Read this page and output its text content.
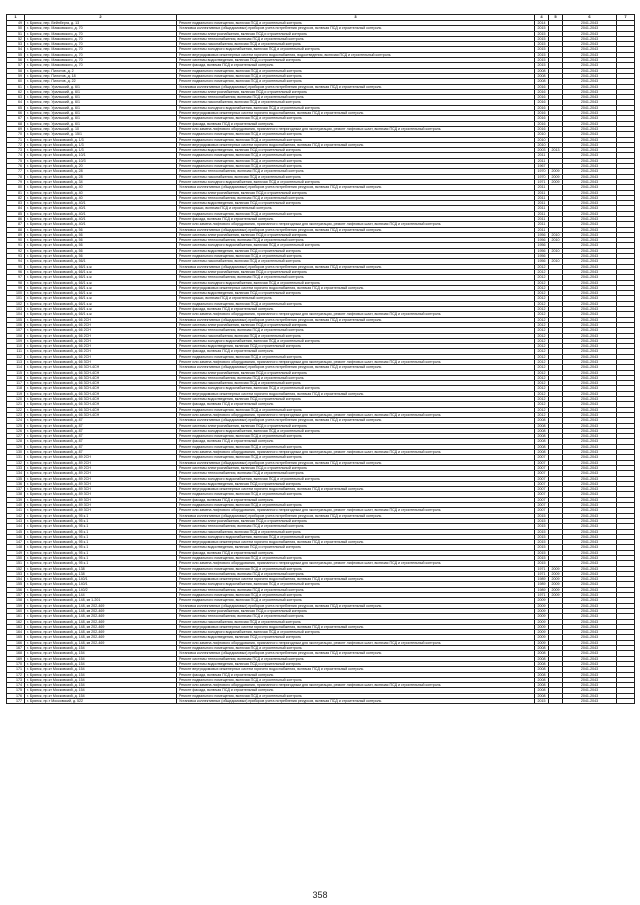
1	2	3	4	5	6	7
49	г. Брянск, пер. Вейнберга, д. 13	Ремонт подвального помещения, включая ПСД и строительный контроль	2014		2041-2043	
50	г. Брянск, пер. Маяковского, д. 70	Установка коллективных (общедомовых) приборов учета потребления ресурсов, включая ПСД и строительный контроль	2015		2041-2043	
51	г. Брянск, пер. Маяковского, д. 70	Ремонт системы электроснабжения, включая ПСД и строительный контроль	2015		2041-2043	
52	г. Брянск, пер. Маяковского, д. 70	Ремонт системы теплоснабжения, включая ПСД и строительный контроль	2015		2041-2043	
53	г. Брянск, пер. Маяковского, д. 70	Ремонт системы газоснабжения, включая ПСД и строительный контроль	2015		2041-2043	
54	г. Брянск, пер. Маяковского, д. 70	Ремонт системы холодного водоснабжения, включая ПСД и строительный контроль	2015		2041-2043	
55	г. Брянск, пер. Маяковского, д. 70	Ремонт внутридомовых инженерных систем горячего водоснабжения, водоотведения, включая ПСД и строительный контроль	2015		2041-2043	
56	г. Брянск, пер. Маяковского, д. 70	Ремонт системы водоотведения, включая ПСД и строительный контроль	2015		2041-2043	
57	г. Брянск, пер. Маяковского, д. 70	Ремонт фасада, включая ПСД и строительный контроль	2015		2041-2043	
58	г. Брянск, пер. Пилотов, д. 2	Ремонт подвального помещения, включая ПСД и строительный контроль	2008		2041-2043	
59	г. Брянск, пер. Пилотов, д. 18	Ремонт подвального помещения, включая ПСД и строительный контроль	2008		2041-2043	
60	г. Брянск, пер. Пилотов, д. 22	Ремонт подвального помещения, включая ПСД и строительный контроль	2008		2041-2043	
61	г. Брянск, пер. Уральский, д. 6/1	Установка коллективных (общедомовых) приборов учета потребления ресурсов, включая ПСД и строительный контроль	2016		2041-2043	
62	г. Брянск, пер. Уральский, д. 6/1	Ремонт системы электроснабжения, включая ПСД и строительный контроль	2016		2041-2043	
63	г. Брянск, пер. Уральский, д. 6/1	Ремонт системы теплоснабжения, включая ПСД и строительный контроль	2016		2041-2043	
64	г. Брянск, пер. Уральский, д. 6/1	Ремонт системы газоснабжения, включая ПСД и строительный контроль	2016		2041-2043	
65	г. Брянск, пер. Уральский, д. 6/1	Ремонт системы холодного водоснабжения, включая ПСД и строительный контроль	2016		2041-2043	
66	г. Брянск, пер. Уральский, д. 6/1	Ремонт внутридомовых инженерных систем горячего водоснабжения, включая ПСД и строительный контроль	2016		2041-2043	
67	г. Брянск, пер. Уральский, д. 6/1	Ремонт подвального помещения, включая ПСД и строительный контроль	2016		2041-2043	
68	г. Брянск, пер. Уральский, д. 6/1	Ремонт фасада, включая ПСД и строительный контроль	2016		2041-2043	
69	г. Брянск, пер. Уральский, д. 10	Ремонт или замена лифтового оборудования, признанного непригодным для эксплуатации, ремонт лифтовых шахт, включая ПСД и строительный контроль	2016		2041-2043	
70	г. Брянск, пер. Уральский, д. 15/1	Ремонт подвального помещения, включая ПСД и строительный контроль	2010		2041-2043	
71	г. Брянск, пр-кт Московский, д. 1/3	Ремонт подвального помещения, включая ПСД и строительный контроль	2010		2041-2043	
72	г. Брянск, пр-кт Московский, д. 1/3	Ремонт внутридомовых инженерных систем горячего водоснабжения, включая ПСД и строительный контроль	2010		2041-2043	
73	г. Брянск, пр-кт Московский, д. 1/3	Ремонт системы водоотведения, включая ПСД и строительный контроль	2003	2013	2041-2043	
74	г. Брянск, пр-кт Московский, д. 10/1	Ремонт подвального помещения, включая ПСД и строительный контроль	2011		2041-2043	
75	г. Брянск, пр-кт Московский, д. 10/3	Ремонт подвального помещения, включая ПСД и строительный контроль	2011		2041-2043	
76	г. Брянск, пр-кт Московский, д. 20	Ремонт подвального помещения, включая ПСД и строительный контроль	1967		2041-2043	
77	г. Брянск, пр-кт Московский, д. 28	Ремонт системы теплоснабжения, включая ПСД и строительный контроль	1970	2009	2041-2043	
78	г. Брянск, пр-кт Московский, д. 28	Ремонт системы газоснабжения, включая ПСД и строительный контроль	1970	2009	2041-2043	
79	г. Брянск, пр-кт Московский, д. 34	Ремонт системы холодного водоснабжения, включая ПСД и строительный контроль	1971	2009	2041-2043	
80	г. Брянск, пр-кт Московский, д. 40	Установка коллективных (общедомовых) приборов учета потребления ресурсов, включая ПСД и строительный контроль	2011		2041-2043	
81	г. Брянск, пр-кт Московский, д. 40	Ремонт системы электроснабжения, включая ПСД и строительный контроль	2011		2041-2043	
82	г. Брянск, пр-кт Московский, д. 40	Ремонт системы теплоснабжения, включая ПСД и строительный контроль	2011		2041-2043	
83	г. Брянск, пр-кт Московский, д. 40/1	Ремонт системы водоотведения, включая ПСД и строительный контроль	2011		2041-2043	
84	г. Брянск, пр-кт Московский, д. 40/1	Ремонт крыши, включая ПСД и строительный контроль	2011		2041-2043	
85	г. Брянск, пр-кт Московский, д. 40/1	Ремонт подвального помещения, включая ПСД и строительный контроль	2011		2041-2043	
86	г. Брянск, пр-кт Московский, д. 40/1	Ремонт фасада, включая ПСД и строительный контроль	2011		2041-2043	
87	г. Брянск, пр-кт Московский, д. 40/1	Ремонт или замена лифтового оборудования, признанного непригодным для эксплуатации, ремонт лифтовых шахт, включая ПСД и строительный контроль	2011		2041-2043	
88	г. Брянск, пр-кт Московский, д. 56	Установка коллективных (общедомовых) приборов учета потребления ресурсов, включая ПСД и строительный контроль	2011		2041-2043	
89	г. Брянск, пр-кт Московский, д. 56	Ремонт системы электроснабжения, включая ПСД и строительный контроль	1956	2010	2041-2043	
90	г. Брянск, пр-кт Московский, д. 56	Ремонт системы теплоснабжения, включая ПСД и строительный контроль	1956	2010	2041-2043	
91	г. Брянск, пр-кт Московский, д. 56	Ремонт системы холодного водоснабжения, включая ПСД и строительный контроль	1956		2041-2043	
92	г. Брянск, пр-кт Московский, д. 56	Ремонт системы водоотведения, включая ПСД и строительный контроль	1956	2010	2041-2043	
93	г. Брянск, пр-кт Московский, д. 56	Ремонт подвального помещения, включая ПСД и строительный контроль	1956		2041-2043	
94	г. Брянск, пр-кт Московский, д. 56/1	Ремонт системы газоснабжения, включая ПСД и строительный контроль	1956	2010	2041-2043	
95	г. Брянск, пр-кт Московский, д. 66/1 к.ж	Установка коллективных (общедомовых) приборов учета потребления ресурсов, включая ПСД и строительный контроль	2012		2041-2043	
96	г. Брянск, пр-кт Московский, д. 66/1 к.ж	Ремонт системы электроснабжения, включая ПСД и строительный контроль	2012		2041-2043	
97	г. Брянск, пр-кт Московский, д. 66/1 к.ж	Ремонт системы теплоснабжения, включая ПСД и строительный контроль	2012		2041-2043	
98	г. Брянск, пр-кт Московский, д. 66/1 к.ж	Ремонт системы холодного водоснабжения, включая ПСД и строительный контроль	2012		2041-2043	
99	г. Брянск, пр-кт Московский, д. 66/1 к.ж	Ремонт внутридомовых инженерных систем горячего водоснабжения, включая ПСД и строительный контроль	2012		2041-2043	
100	г. Брянск, пр-кт Московский, д. 66/1 к.ж	Ремонт системы водоотведения, включая ПСД и строительный контроль	2012		2041-2043	
101	г. Брянск, пр-кт Московский, д. 66/1 к.ж	Ремонт крыши, включая ПСД и строительный контроль	2012		2041-2043	
102	г. Брянск, пр-кт Московский, д. 66/1 к.ж	Ремонт подвального помещения, включая ПСД и строительный контроль	2012		2041-2043	
103	г. Брянск, пр-кт Московский, д. 66/1 к.ж	Ремонт фасада, включая ПСД и строительный контроль	2012		2041-2043	
104	г. Брянск, пр-кт Московский, д. 66/1 к.ж	Ремонт или замена лифтового оборудования, признанного непригодным для эксплуатации, ремонт лифтовых шахт, включая ПСД и строительный контроль	2012		2041-2043	
105	г. Брянск, пр-кт Московский, д. 66 2СН	Установка коллективных (общедомовых) приборов учета потребления ресурсов, включая ПСД и строительный контроль	2012		2041-2043	
106	г. Брянск, пр-кт Московский, д. 66 2СН	Ремонт системы электроснабжения, включая ПСД и строительный контроль	2012		2041-2043	
107	г. Брянск, пр-кт Московский, д. 66 2СН	Ремонт системы теплоснабжения, включая ПСД и строительный контроль	2012		2041-2043	
108	г. Брянск, пр-кт Московский, д. 66 2СН	Ремонт системы газоснабжения, включая ПСД и строительный контроль	2012		2041-2043	
109	г. Брянск, пр-кт Московский, д. 66 2СН	Ремонт системы холодного водоснабжения, включая ПСД и строительный контроль	2012		2041-2043	
110	г. Брянск, пр-кт Московский, д. 66 2СН	Ремонт системы водоотведения, включая ПСД и строительный контроль	2012		2041-2043	
111	г. Брянск, пр-кт Московский, д. 66 2СН	Ремонт фасада, включая ПСД и строительный контроль	2012		2041-2043	
112	г. Брянск, пр-кт Московский, д. 66 2СН	Ремонт подвального помещения, включая ПСД и строительный контроль	2012		2041-2043	
113	г. Брянск, пр-кт Московский, д. 66 3СН	Ремонт или замена лифтового оборудования, признанного непригодным для эксплуатации, ремонт лифтовых шахт, включая ПСД и строительный контроль	2012		2041-2043	
114	г. Брянск, пр-кт Московский, д. 66 3СН-4СН	Установка коллективных (общедомовых) приборов учета потребления ресурсов, включая ПСД и строительный контроль	2012		2041-2043	
115	г. Брянск, пр-кт Московский, д. 66 3СН-4СН	Ремонт системы электроснабжения, включая ПСД и строительный контроль	2012		2041-2043	
116	г. Брянск, пр-кт Московский, д. 66 3СН-4СН	Ремонт системы теплоснабжения, включая ПСД и строительный контроль	2012		2041-2043	
117	г. Брянск, пр-кт Московский, д. 66 3СН-4СН	Ремонт системы газоснабжения, включая ПСД и строительный контроль	2012		2041-2043	
118	г. Брянск, пр-кт Московский, д. 66 3СН-4СН	Ремонт системы холодного водоснабжения, включая ПСД и строительный контроль	2012		2041-2043	
119	г. Брянск, пр-кт Московский, д. 66 3СН-4СН	Ремонт внутридомовых инженерных систем горячего водоснабжения, включая ПСД и строительный контроль	2012		2041-2043	
120	г. Брянск, пр-кт Московский, д. 66 3СН-4СН	Ремонт системы водоотведения, включая ПСД и строительный контроль	2012		2041-2043	
121	г. Брянск, пр-кт Московский, д. 66 3СН-4СН	Ремонт фасада, включая ПСД и строительный контроль	2012		2041-2043	
122	г. Брянск, пр-кт Московский, д. 66 3СН-4СН	Ремонт подвального помещения, включая ПСД и строительный контроль	2012		2041-2043	
123	г. Брянск, пр-кт Московский, д. 66 3СН-4СН	Ремонт или замена лифтового оборудования, признанного непригодным для эксплуатации, ремонт лифтовых шахт, включая ПСД и строительный контроль	2012		2041-2043	
124	г. Брянск, пр-кт Московский, д. 87	Установка коллективных (общедомовых) приборов учета потребления ресурсов, включая ПСД и строительный контроль	2008		2041-2043	
125	г. Брянск, пр-кт Московский, д. 87	Ремонт системы электроснабжения, включая ПСД и строительный контроль	2008		2041-2043	
126	г. Брянск, пр-кт Московский, д. 87	Ремонт системы холодного водоснабжения, включая ПСД и строительный контроль	2008		2041-2043	
127	г. Брянск, пр-кт Московский, д. 87	Ремонт подвального помещения, включая ПСД и строительный контроль	2008		2041-2043	
128	г. Брянск, пр-кт Московский, д. 87	Ремонт фасада, включая ПСД и строительный контроль	2008		2041-2043	
129	г. Брянск, пр-кт Московский, д. 87	Ремонт подвального помещения, включая ПСД и строительный контроль	2008		2041-2043	
130	г. Брянск, пр-кт Московский, д. 87	Ремонт или замена лифтового оборудования, признанного непригодным для эксплуатации, ремонт лифтовых шахт, включая ПСД и строительный контроль	2008		2041-2043	
131	г. Брянск, пр-кт Московский, д. 89 2СН	Ремонт подвального помещения, включая ПСД и строительный контроль	2007		2041-2043	
132	г. Брянск, пр-кт Московский, д. 89 2СН	Установка коллективных (общедомовых) приборов учета потребления ресурсов, включая ПСД и строительный контроль	2007		2041-2043	
133	г. Брянск, пр-кт Московский, д. 89 2СН	Ремонт системы электроснабжения, включая ПСД и строительный контроль	2007		2041-2043	
134	г. Брянск, пр-кт Московский, д. 89 2СН	Ремонт системы теплоснабжения, включая ПСД и строительный контроль	2007		2041-2043	
135	г. Брянск, пр-кт Московский, д. 89 2СН	Ремонт системы холодного водоснабжения, включая ПСД и строительный контроль	2007		2041-2043	
136	г. Брянск, пр-кт Московский, д. 89 3СН	Ремонт системы водоотведения, включая ПСД и строительный контроль	2007		2041-2043	
137	г. Брянск, пр-кт Московский, д. 89 3СН	Ремонт внутридомовых инженерных систем горячего водоснабжения, включая ПСД и строительный контроль	2007		2041-2043	
138	г. Брянск, пр-кт Московский, д. 89 3СН	Ремонт подвального помещения, включая ПСД и строительный контроль	2007		2041-2043	
139	г. Брянск, пр-кт Московский, д. 89 3СН	Ремонт фасада, включая ПСД и строительный контроль	2007		2041-2043	
140	г. Брянск, пр-кт Московский, д. 89 3СН	Ремонт подвального помещения, включая ПСД и строительный контроль	2007		2041-2043	
141	г. Брянск, пр-кт Московский, д. 89 3СН	Ремонт или замена лифтового оборудования, признанного непригодным для эксплуатации, ремонт лифтовых шахт, включая ПСД и строительный контроль	2007		2041-2043	
142	г. Брянск, пр-кт Московский, д. 95 к.1	Установка коллективных (общедомовых) приборов учета потребления ресурсов, включая ПСД и строительный контроль	2015		2041-2043	
143	г. Брянск, пр-кт Московский, д. 95 к.1	Ремонт системы электроснабжения, включая ПСД и строительный контроль	2015		2041-2043	
144	г. Брянск, пр-кт Московский, д. 95 к.1	Ремонт системы теплоснабжения, включая ПСД и строительный контроль	2015		2041-2043	
145	г. Брянск, пр-кт Московский, д. 95 к.1	Ремонт системы газоснабжения, включая ПСД и строительный контроль	2015		2041-2043	
146	г. Брянск, пр-кт Московский, д. 95 к.1	Ремонт системы холодного водоснабжения, включая ПСД и строительный контроль	2015		2041-2043	
147	г. Брянск, пр-кт Московский, д. 95 к.1	Ремонт внутридомовых инженерных систем горячего водоснабжения, включая ПСД и строительный контроль	2015		2041-2043	
148	г. Брянск, пр-кт Московский, д. 95 к.1	Ремонт системы водоотведения, включая ПСД и строительный контроль	2015		2041-2043	
149	г. Брянск, пр-кт Московский, д. 95 к.1	Ремонт фасада, включая ПСД и строительный контроль	2015		2041-2043	
150	г. Брянск, пр-кт Московский, д. 95 к.1	Ремонт подвального помещения, включая ПСД и строительный контроль	2015		2041-2043	
151	г. Брянск, пр-кт Московский, д. 95 к.1	Ремонт или замена лифтового оборудования, признанного непригодным для эксплуатации, ремонт лифтовых шахт, включая ПСД и строительный контроль	2015		2041-2043	
152	г. Брянск, пр-кт Московский, д. 138	Ремонт подвального помещения, включая ПСД и строительный контроль	1971	2009	2041-2043	
153	г. Брянск, пр-кт Московский, д. 138	Ремонт системы теплоснабжения, включая ПСД и строительный контроль	1971	2009	2041-2043	
154	г. Брянск, пр-кт Московский, д. 140/1	Ремонт внутридомовых инженерных систем горячего водоснабжения, включая ПСД и строительный контроль	1989	2009	2041-2043	
155	г. Брянск, пр-кт Московский, д. 140/1	Ремонт системы холодного водоснабжения, включая ПСД и строительный контроль	1989	2009	2041-2043	
156	г. Брянск, пр-кт Московский, д. 140/2	Ремонт системы теплоснабжения, включая ПСД и строительный контроль	1989	2009	2041-2043	
157	г. Брянск, пр-кт Московский, д. 144	Ремонт подвального помещения, включая ПСД и строительный контроль	1971	2009	2041-2043	
158	г. Брянск, пр-кт Московский, д. 148, кв 1-201	Ремонт подвального помещения, включая ПСД и строительный контроль	2009		2041-2043	
159	г. Брянск, пр-кт Московский, д. 148, кв 202-469	Установка коллективных (общедомовых) приборов учета потребления ресурсов, включая ПСД и строительный контроль	2009		2041-2043	
160	г. Брянск, пр-кт Московский, д. 148, кв 202-469	Ремонт системы электроснабжения, включая ПСД и строительный контроль	2009		2041-2043	
161	г. Брянск, пр-кт Московский, д. 148, кв 202-469	Ремонт системы теплоснабжения, включая ПСД и строительный контроль	2009		2041-2043	
162	г. Брянск, пр-кт Московский, д. 148, кв 202-469	Ремонт системы газоснабжения, включая ПСД и строительный контроль	2009		2041-2043	
163	г. Брянск, пр-кт Московский, д. 148, кв 202-469	Ремонт внутридомовых инженерных систем горячего водоснабжения, включая ПСД и строительный контроль	2009		2041-2043	
164	г. Брянск, пр-кт Московский, д. 148, кв 202-469	Ремонт системы холодного водоснабжения, включая ПСД и строительный контроль	2009		2041-2043	
165	г. Брянск, пр-кт Московский, д. 148, кв 202-469	Ремонт системы водоотведения, включая ПСД и строительный контроль	2009		2041-2043	
166	г. Брянск, пр-кт Московский, д. 148, кв 202-469	Ремонт или замена лифтового оборудования, признанного непригодным для эксплуатации, ремонт лифтовых шахт, включая ПСД и строительный контроль	2009		2041-2043	
167	г. Брянск, пр-кт Московский, д. 154	Ремонт подвального помещения, включая ПСД и строительный контроль	2008		2041-2043	
168	г. Брянск, пр-кт Московский, д. 154	Установка коллективных (общедомовых) приборов учета потребления ресурсов, включая ПСД и строительный контроль	2008		2041-2043	
169	г. Брянск, пр-кт Московский, д. 154	Ремонт системы теплоснабжения, включая ПСД и строительный контроль	2008		2041-2043	
170	г. Брянск, пр-кт Московский, д. 154	Ремонт системы водоотведения, включая ПСД и строительный контроль	2008		2041-2043	
171	г. Брянск, пр-кт Московский, д. 154	Ремонт внутридомовых инженерных систем горячего водоснабжения, включая ПСД и строительный контроль	2008		2041-2043	
172	г. Брянск, пр-кт Московский, д. 154	Ремонт фасада, включая ПСД и строительный контроль	2008		2041-2043	
173	г. Брянск, пр-кт Московский, д. 154	Ремонт подвального помещения, включая ПСД и строительный контроль	2008		2041-2043	
174	г. Брянск, пр-кт Московский, д. 154	Ремонт или замена лифтового оборудования, признанного непригодным для эксплуатации, ремонт лифтовых шахт, включая ПСД и строительный контроль	2008		2041-2043	
175	г. Брянск, пр-кт Московский, д. 154	Ремонт фасада, включая ПСД и строительный контроль	2008		2041-2043	
176	г. Брянск, пр-кт Московский, д. 154	Ремонт подвального помещения, включая ПСД и строительный контроль	2008		2041-2043	
177	г. Брянск, пр-т Московский, д. 522	Установка коллективных (общедомовых) приборов учета потребления ресурсов, включая ПСД и строительный контроль	2015		2041-2043	
358
